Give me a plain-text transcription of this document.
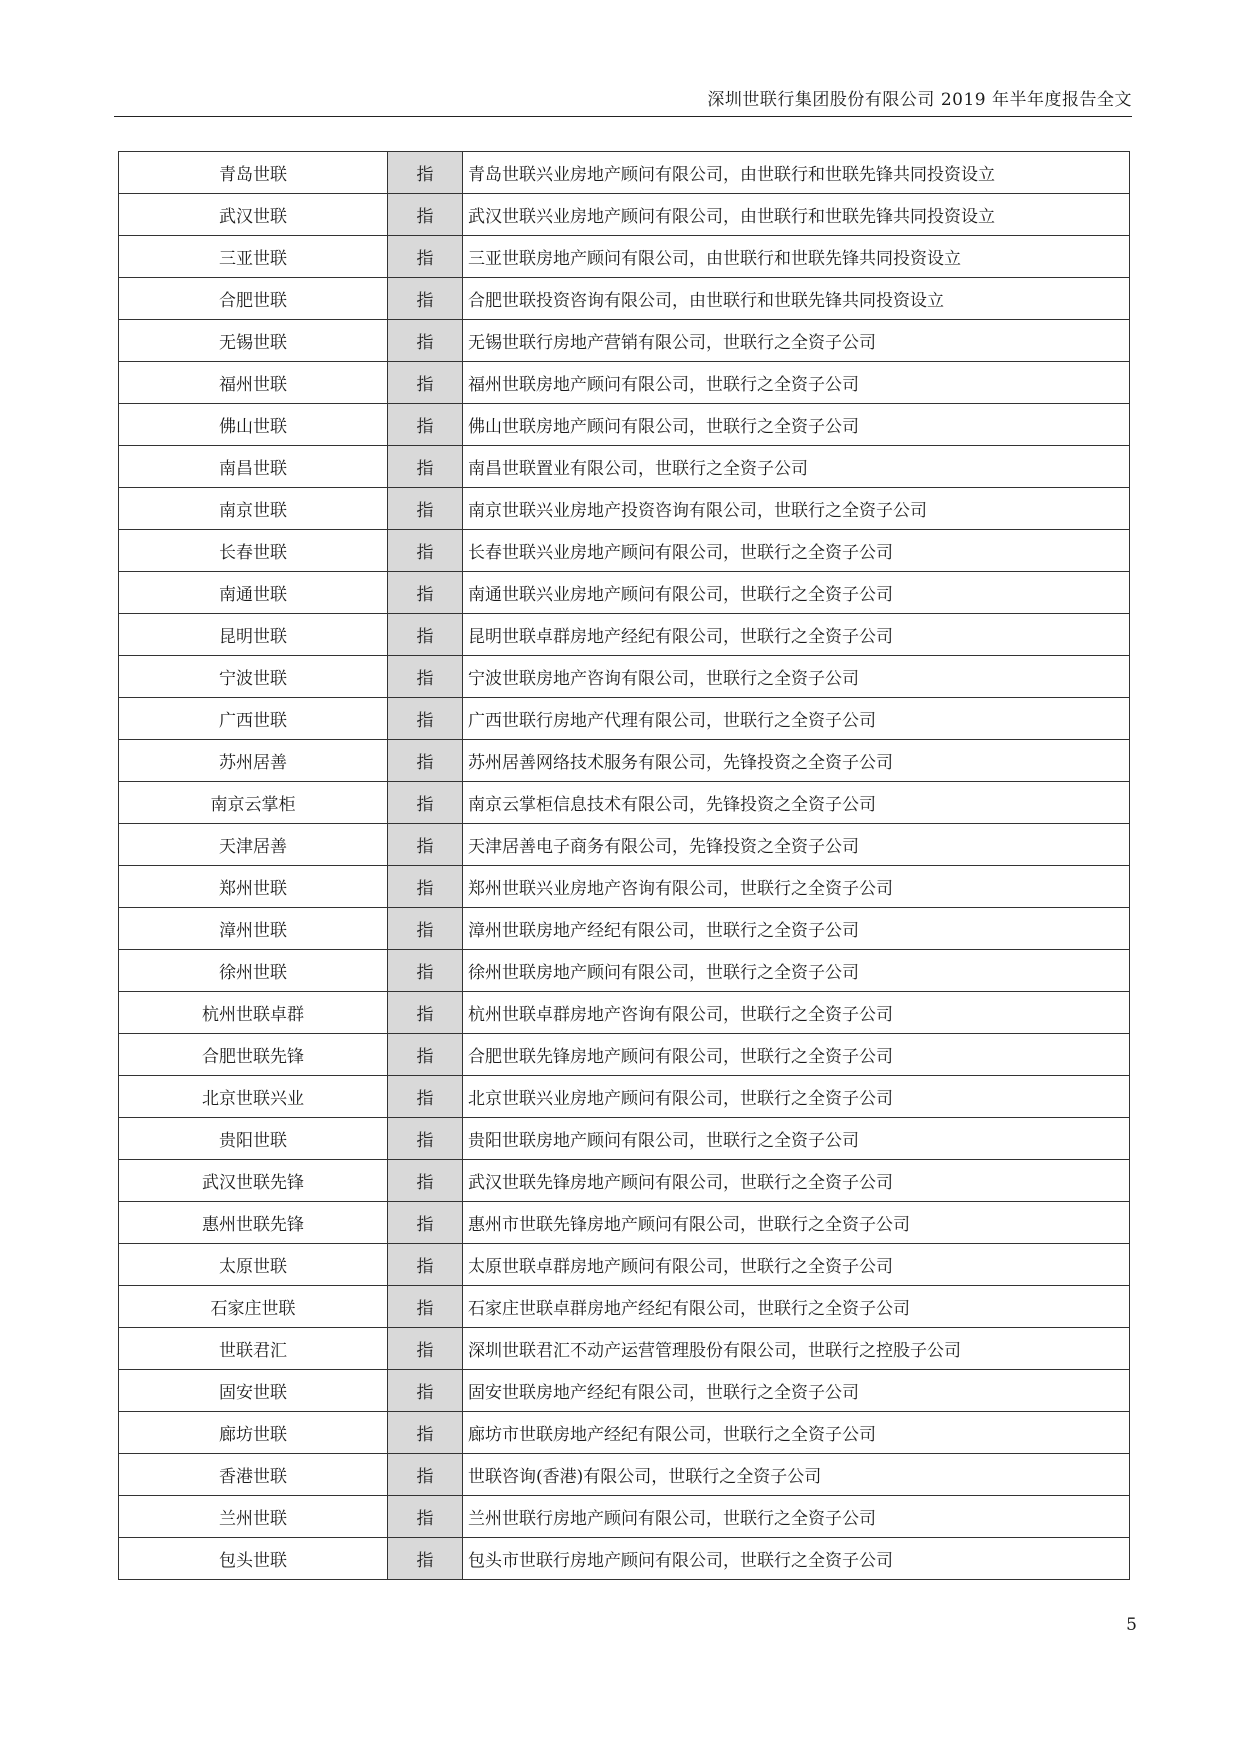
深圳世联行集团股份有限公司 2019 年半年度报告全文
青岛世联	指	青岛世联兴业房地产顾问有限公司，由世联行和世联先锋共同投资设立
武汉世联	指	武汉世联兴业房地产顾问有限公司，由世联行和世联先锋共同投资设立
三亚世联	指	三亚世联房地产顾问有限公司，由世联行和世联先锋共同投资设立
合肥世联	指	合肥世联投资咨询有限公司，由世联行和世联先锋共同投资设立
无锡世联	指	无锡世联行房地产营销有限公司，世联行之全资子公司
福州世联	指	福州世联房地产顾问有限公司，世联行之全资子公司
佛山世联	指	佛山世联房地产顾问有限公司，世联行之全资子公司
南昌世联	指	南昌世联置业有限公司，世联行之全资子公司
南京世联	指	南京世联兴业房地产投资咨询有限公司，世联行之全资子公司
长春世联	指	长春世联兴业房地产顾问有限公司，世联行之全资子公司
南通世联	指	南通世联兴业房地产顾问有限公司，世联行之全资子公司
昆明世联	指	昆明世联卓群房地产经纪有限公司，世联行之全资子公司
宁波世联	指	宁波世联房地产咨询有限公司，世联行之全资子公司
广西世联	指	广西世联行房地产代理有限公司，世联行之全资子公司
苏州居善	指	苏州居善网络技术服务有限公司，先锋投资之全资子公司
南京云掌柜	指	南京云掌柜信息技术有限公司，先锋投资之全资子公司
天津居善	指	天津居善电子商务有限公司，先锋投资之全资子公司
郑州世联	指	郑州世联兴业房地产咨询有限公司，世联行之全资子公司
漳州世联	指	漳州世联房地产经纪有限公司，世联行之全资子公司
徐州世联	指	徐州世联房地产顾问有限公司，世联行之全资子公司
杭州世联卓群	指	杭州世联卓群房地产咨询有限公司，世联行之全资子公司
合肥世联先锋	指	合肥世联先锋房地产顾问有限公司，世联行之全资子公司
北京世联兴业	指	北京世联兴业房地产顾问有限公司，世联行之全资子公司
贵阳世联	指	贵阳世联房地产顾问有限公司，世联行之全资子公司
武汉世联先锋	指	武汉世联先锋房地产顾问有限公司，世联行之全资子公司
惠州世联先锋	指	惠州市世联先锋房地产顾问有限公司，世联行之全资子公司
太原世联	指	太原世联卓群房地产顾问有限公司，世联行之全资子公司
石家庄世联	指	石家庄世联卓群房地产经纪有限公司，世联行之全资子公司
世联君汇	指	深圳世联君汇不动产运营管理股份有限公司，世联行之控股子公司
固安世联	指	固安世联房地产经纪有限公司，世联行之全资子公司
廊坊世联	指	廊坊市世联房地产经纪有限公司，世联行之全资子公司
香港世联	指	世联咨询(香港)有限公司，世联行之全资子公司
兰州世联	指	兰州世联行房地产顾问有限公司，世联行之全资子公司
包头世联	指	包头市世联行房地产顾问有限公司，世联行之全资子公司
5
